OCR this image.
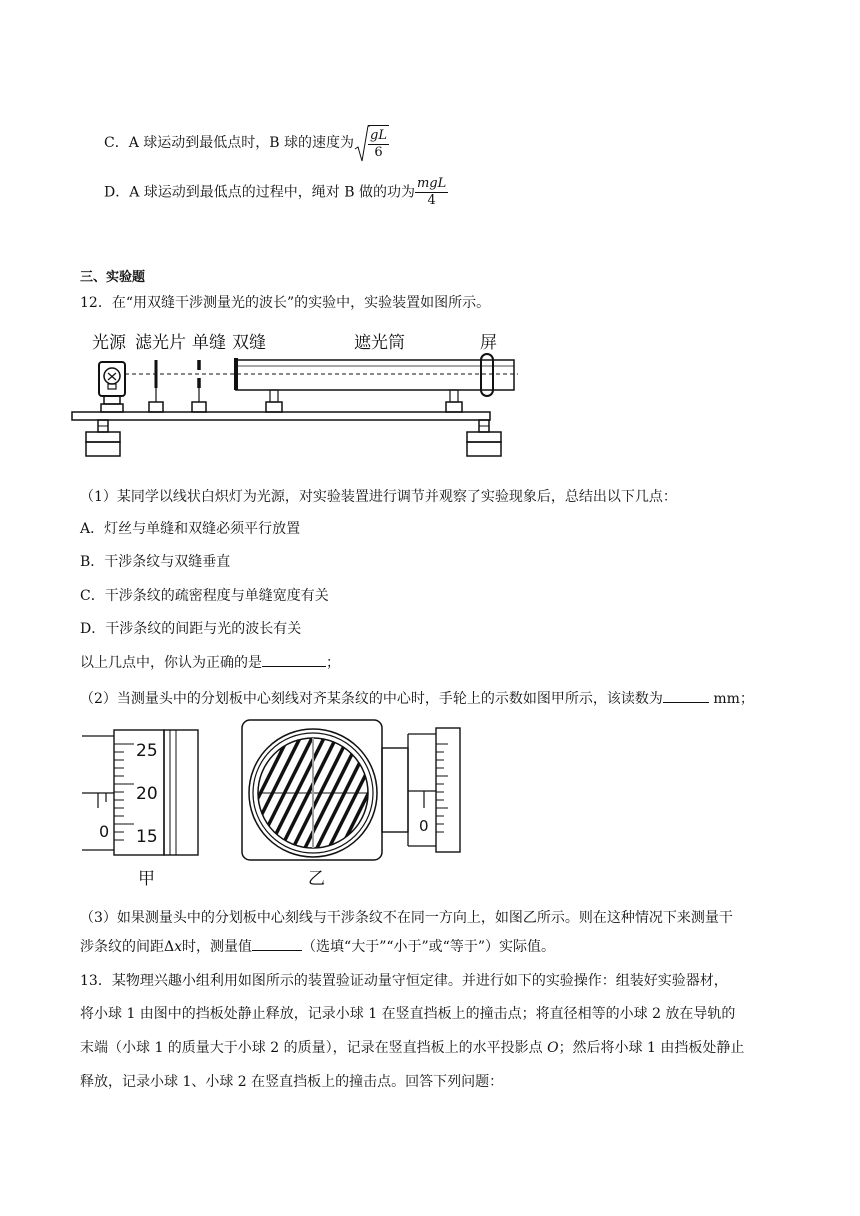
C．A 球运动到最低点时，B 球的速度为 $\frac{gL}{6}$
D．A 球运动到最低点的过程中，绳对 B 做的功为 $\frac{\text{mgL}}{4}$
三、实验题
12．在“用双缝干涉测量光的波长”的实验中，实验装置如图所示。
光源 滤光片 单缝 双缝	遮光筒	屏
（1）某同学以线状白炽灯为光源，对实验装置进行调节并观察了实验现象后，总结出以下几点：
A．灯丝与单缝和双缝必须平行放置
B．干涉条纹与双缝垂直
C．干涉条纹的疏密程度与单缝宽度有关
D．干涉条纹的间距与光的波长有关
以上几点中，你认为正确的是	；
（2）当测量头中的分划板中心刻线对齐某条纹的中心时，手轮上的示数如图甲所示，该读数为	mm；
0
25
20
15
甲
0
乙
（3）如果测量头中的分划板中心刻线与干涉条纹不在同一方向上，如图乙所示。则在这种情况下来测量干
涉条纹的间距Δx时，测量值	（选填“大于”“小于”或“等于”）实际值。
13．某物理兴趣小组利用如图所示的装置验证动量守恒定律。并进行如下的实验操作：组装好实验器材，
将小球 1 由图中的挡板处静止释放，记录小球 1 在竖直挡板上的撞击点；将直径相等的小球 2 放在导轨的
末端（小球 1 的质量大于小球 2 的质量），记录在竖直挡板上的水平投影点 O；然后将小球 1 由挡板处静止
释放，记录小球 1、小球 2 在竖直挡板上的撞击点。回答下列问题：
